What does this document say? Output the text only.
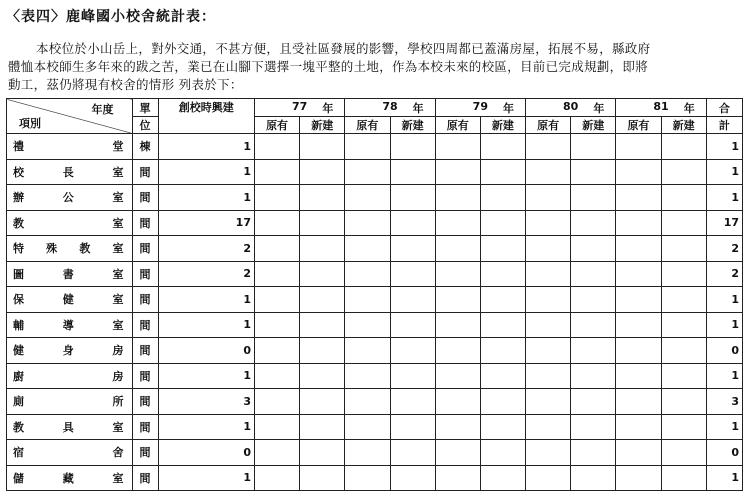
〈表四〉鹿峰國小校舍統計表：

本校位於小山岳上，對外交通，不甚方便，且受社區發展的影響，學校四周都已蓋滿房屋，拓展不易，縣政府

體恤本校師生多年來的跋之苦，業已在山腳下選擇一塊平整的土地，作為本校未來的校區，目前已完成規劃，即將

動工，茲仍將現有校舍的情形 列表於下：

年度
項別	單	創校時興建	77 年		78 年		79 年		80 年		81 年		合
	位		原有	新建	原有	新建	原有	新建	原有	新建	原有	新建	計
禮堂	棟	1											1
校長室	間	1											1
辦公室	間	1											1
教室	間	17											17
特殊教室	間	2											2
圖書室	間	2											2
保健室	間	1											1
輔導室	間	1											1
健身房	間	0											0
廚房	間	1											1
廁所	間	3											3
教具室	間	1											1
宿舍	間	0											0
儲藏室	間	1											1
